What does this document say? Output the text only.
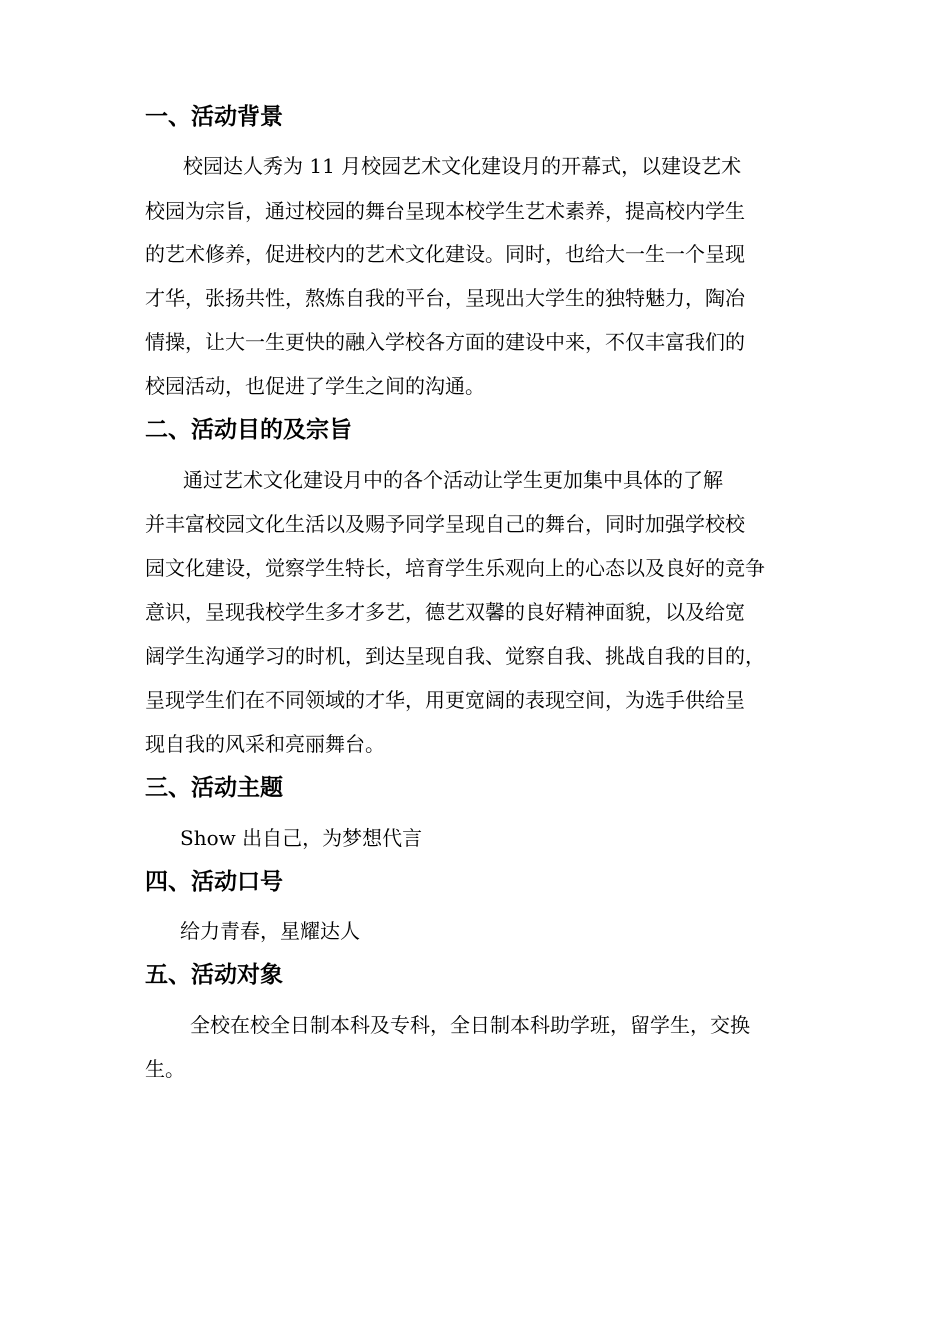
一、活动背景
校园达人秀为 11 月校园艺术文化建设月的开幕式，以建设艺术
校园为宗旨，通过校园的舞台呈现本校学生艺术素养，提高校内学生
的艺术修养，促进校内的艺术文化建设。同时，也给大一生一个呈现
才华，张扬共性，熬炼自我的平台，呈现出大学生的独特魅力，陶冶
情操，让大一生更快的融入学校各方面的建设中来，不仅丰富我们的
校园活动，也促进了学生之间的沟通。
二、活动目的及宗旨
通过艺术文化建设月中的各个活动让学生更加集中具体的了解
并丰富校园文化生活以及赐予同学呈现自己的舞台，同时加强学校校
园文化建设，觉察学生特长，培育学生乐观向上的心态以及良好的竞争
意识，呈现我校学生多才多艺，德艺双馨的良好精神面貌，以及给宽
阔学生沟通学习的时机，到达呈现自我、觉察自我、挑战自我的目的，
呈现学生们在不同领域的才华，用更宽阔的表现空间，为选手供给呈
现自我的风采和亮丽舞台。
三、活动主题
Show 出自己，为梦想代言
四、活动口号
给力青春，星耀达人
五、活动对象
全校在校全日制本科及专科，全日制本科助学班，留学生，交换
生。
